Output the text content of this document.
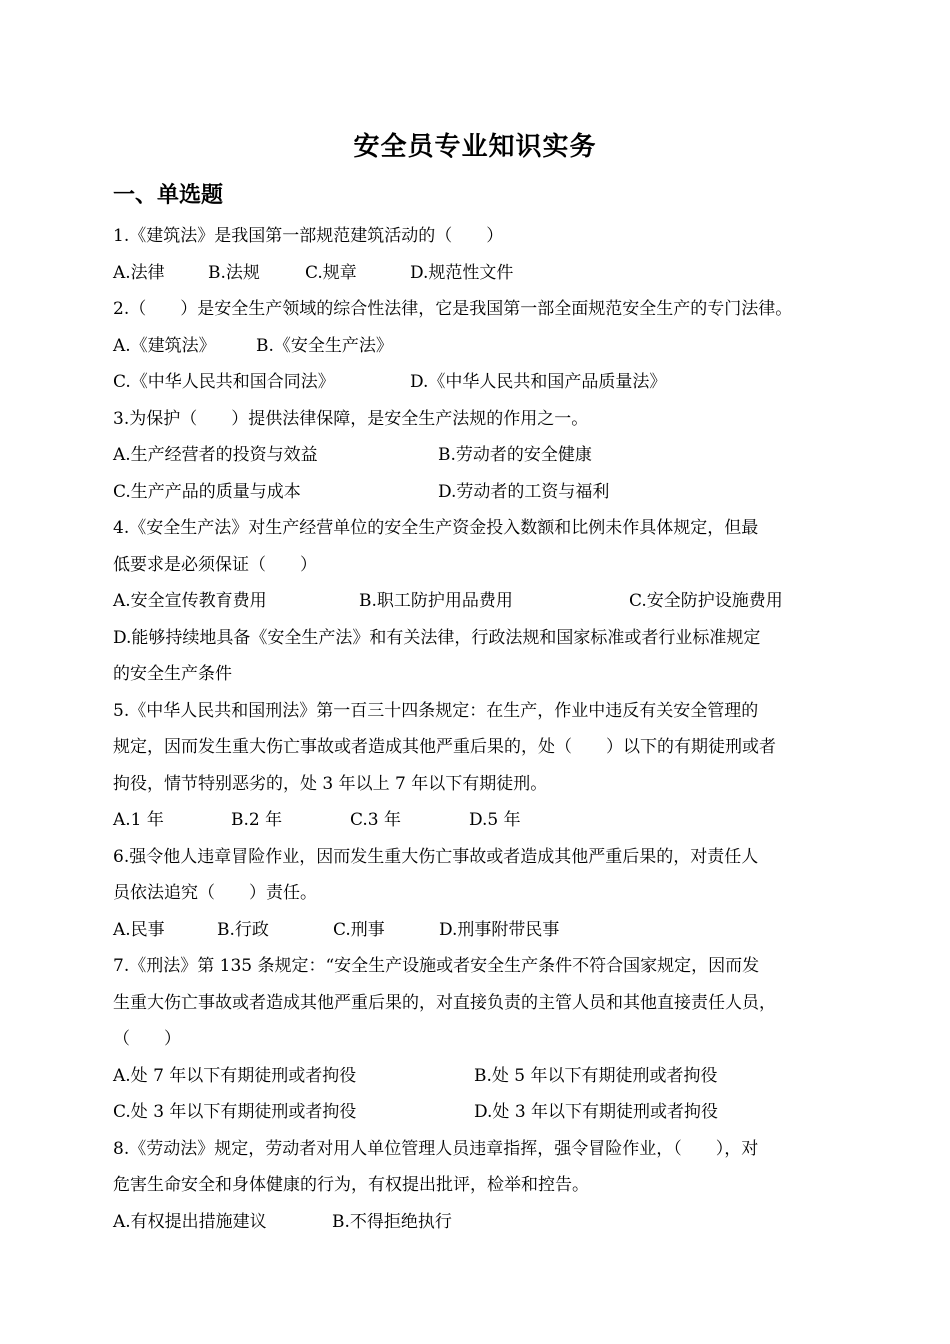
安全员专业知识实务
一、单选题
1.《建筑法》是我国第一部规范建筑活动的（　　）
A.法律	B.法规	C.规章	D.规范性文件
2.（　　）是安全生产领域的综合性法律，它是我国第一部全面规范安全生产的专门法律。
A.《建筑法》 B.《安全生产法》
C.《中华人民共和国合同法》	D.《中华人民共和国产品质量法》
3.为保护（　　）提供法律保障，是安全生产法规的作用之一。
A.生产经营者的投资与效益	B.劳动者的安全健康
C.生产产品的质量与成本	D.劳动者的工资与福利
4.《安全生产法》对生产经营单位的安全生产资金投入数额和比例未作具体规定，但最
低要求是必须保证（　　）
A.安全宣传教育费用	B.职工防护用品费用	C.安全防护设施费用
D.能够持续地具备《安全生产法》和有关法律，行政法规和国家标准或者行业标准规定
的安全生产条件
5.《中华人民共和国刑法》第一百三十四条规定：在生产，作业中违反有关安全管理的
规定，因而发生重大伤亡事故或者造成其他严重后果的，处（　　）以下的有期徒刑或者
拘役，情节特别恶劣的，处 3 年以上 7 年以下有期徒刑。
A.1 年	B.2 年	C.3 年	D.5 年
6.强令他人违章冒险作业，因而发生重大伤亡事故或者造成其他严重后果的，对责任人
员依法追究（　　）责任。
A.民事	B.行政	C.刑事	D.刑事附带民事
7.《刑法》第 135 条规定：“安全生产设施或者安全生产条件不符合国家规定，因而发
生重大伤亡事故或者造成其他严重后果的，对直接负责的主管人员和其他直接责任人员，
（　　）
A.处 7 年以下有期徒刑或者拘役	B.处 5 年以下有期徒刑或者拘役
C.处 3 年以下有期徒刑或者拘役	D.处 3 年以下有期徒刑或者拘役
8.《劳动法》规定，劳动者对用人单位管理人员违章指挥，强令冒险作业，（　　），对
危害生命安全和身体健康的行为，有权提出批评，检举和控告。
A.有权提出措施建议	B.不得拒绝执行
